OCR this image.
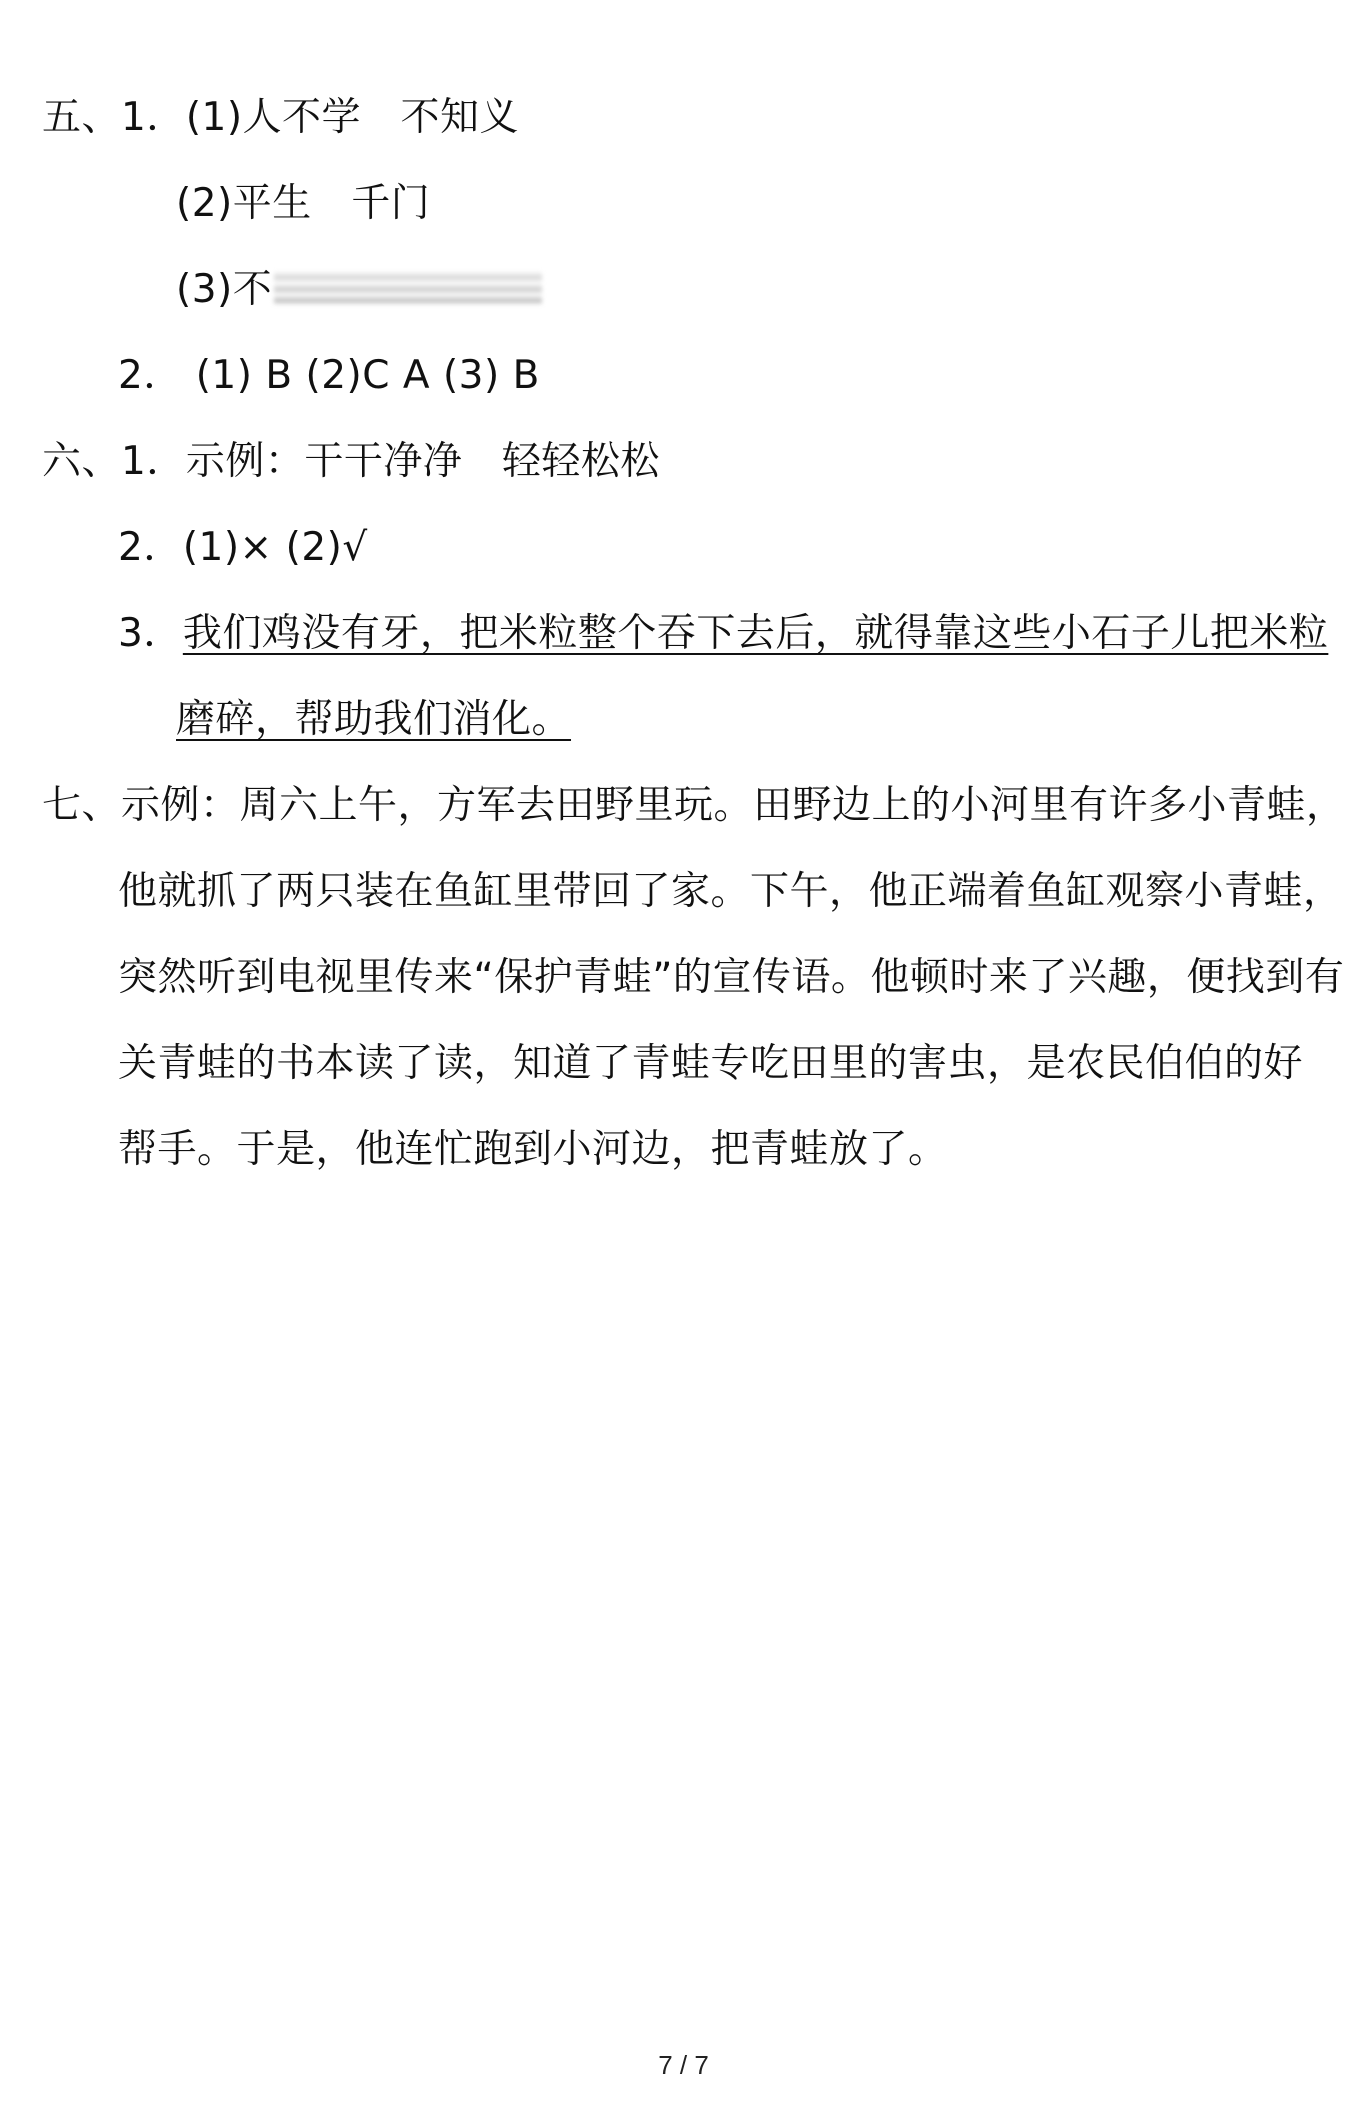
五、1．(1)人不学　不知义
(2)平生　千门
(3)不
2． (1) B (2)C A (3) B
六、1．示例：干干净净　轻轻松松
2．(1)× (2)√
3．我们鸡没有牙，把米粒整个吞下去后，就得靠这些小石子儿把米粒
磨碎，帮助我们消化。
七、示例：周六上午，方军去田野里玩。田野边上的小河里有许多小青蛙，
他就抓了两只装在鱼缸里带回了家。下午，他正端着鱼缸观察小青蛙，
突然听到电视里传来“保护青蛙”的宣传语。他顿时来了兴趣，便找到有
关青蛙的书本读了读，知道了青蛙专吃田里的害虫，是农民伯伯的好
帮手。于是，他连忙跑到小河边，把青蛙放了。
7 / 7
